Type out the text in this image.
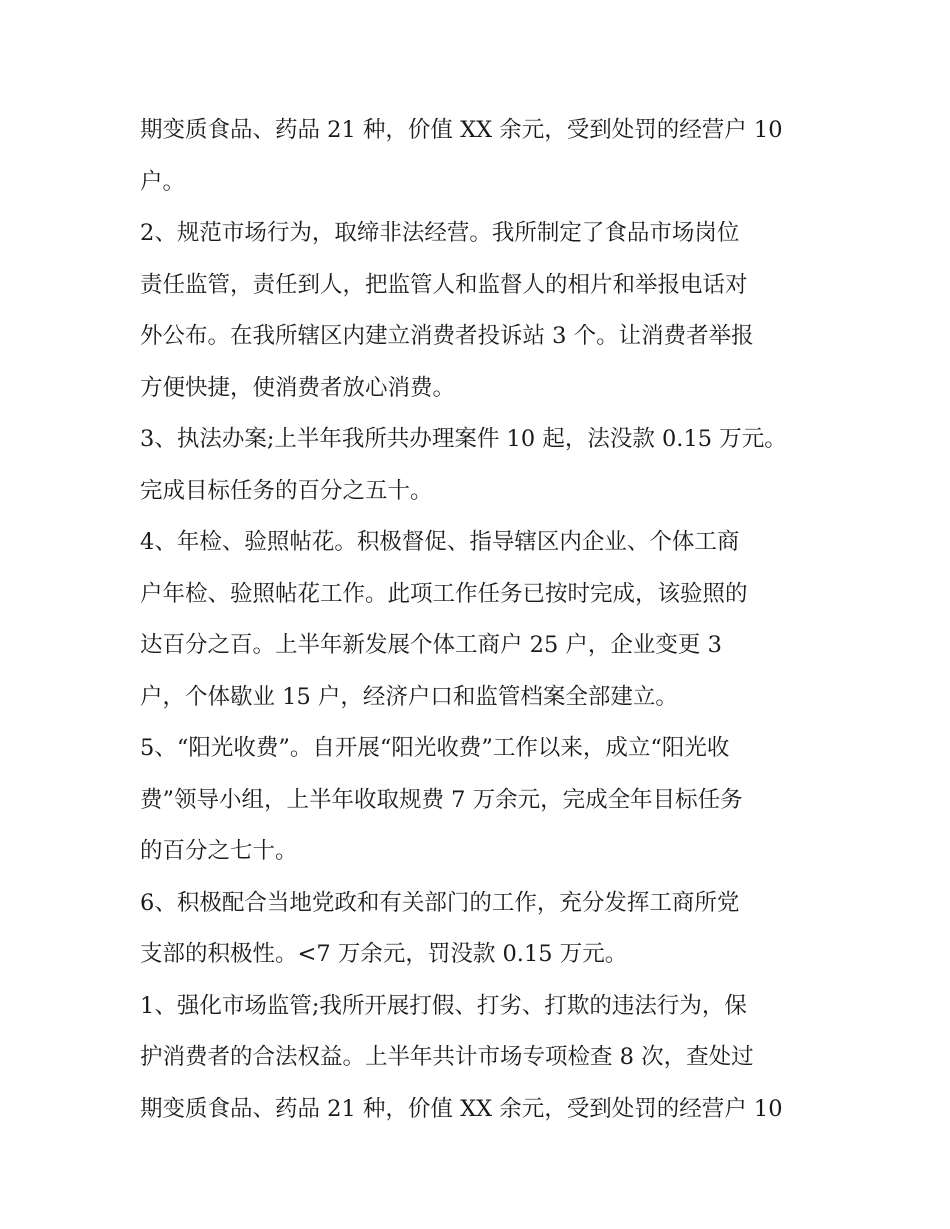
期变质食品、药品 21 种，价值 XX 余元，受到处罚的经营户 10
户。
2、规范市场行为，取缔非法经营。我所制定了食品市场岗位
责任监管，责任到人，把监管人和监督人的相片和举报电话对
外公布。在我所辖区内建立消费者投诉站 3 个。让消费者举报
方便快捷，使消费者放心消费。
3、执法办案;上半年我所共办理案件 10 起，法没款 0.15 万元。
完成目标任务的百分之五十。
4、年检、验照帖花。积极督促、指导辖区内企业、个体工商
户年检、验照帖花工作。此项工作任务已按时完成，该验照的
达百分之百。上半年新发展个体工商户 25 户，企业变更 3
户，个体歇业 15 户，经济户口和监管档案全部建立。
5、“阳光收费”。自开展“阳光收费”工作以来，成立“阳光收
费”领导小组，上半年收取规费 7 万余元，完成全年目标任务
的百分之七十。
6、积极配合当地党政和有关部门的工作，充分发挥工商所党
支部的积极性。<7 万余元，罚没款 0.15 万元。
1、强化市场监管;我所开展打假、打劣、打欺的违法行为，保
护消费者的合法权益。上半年共计市场专项检查 8 次，查处过
期变质食品、药品 21 种，价值 XX 余元，受到处罚的经营户 10
